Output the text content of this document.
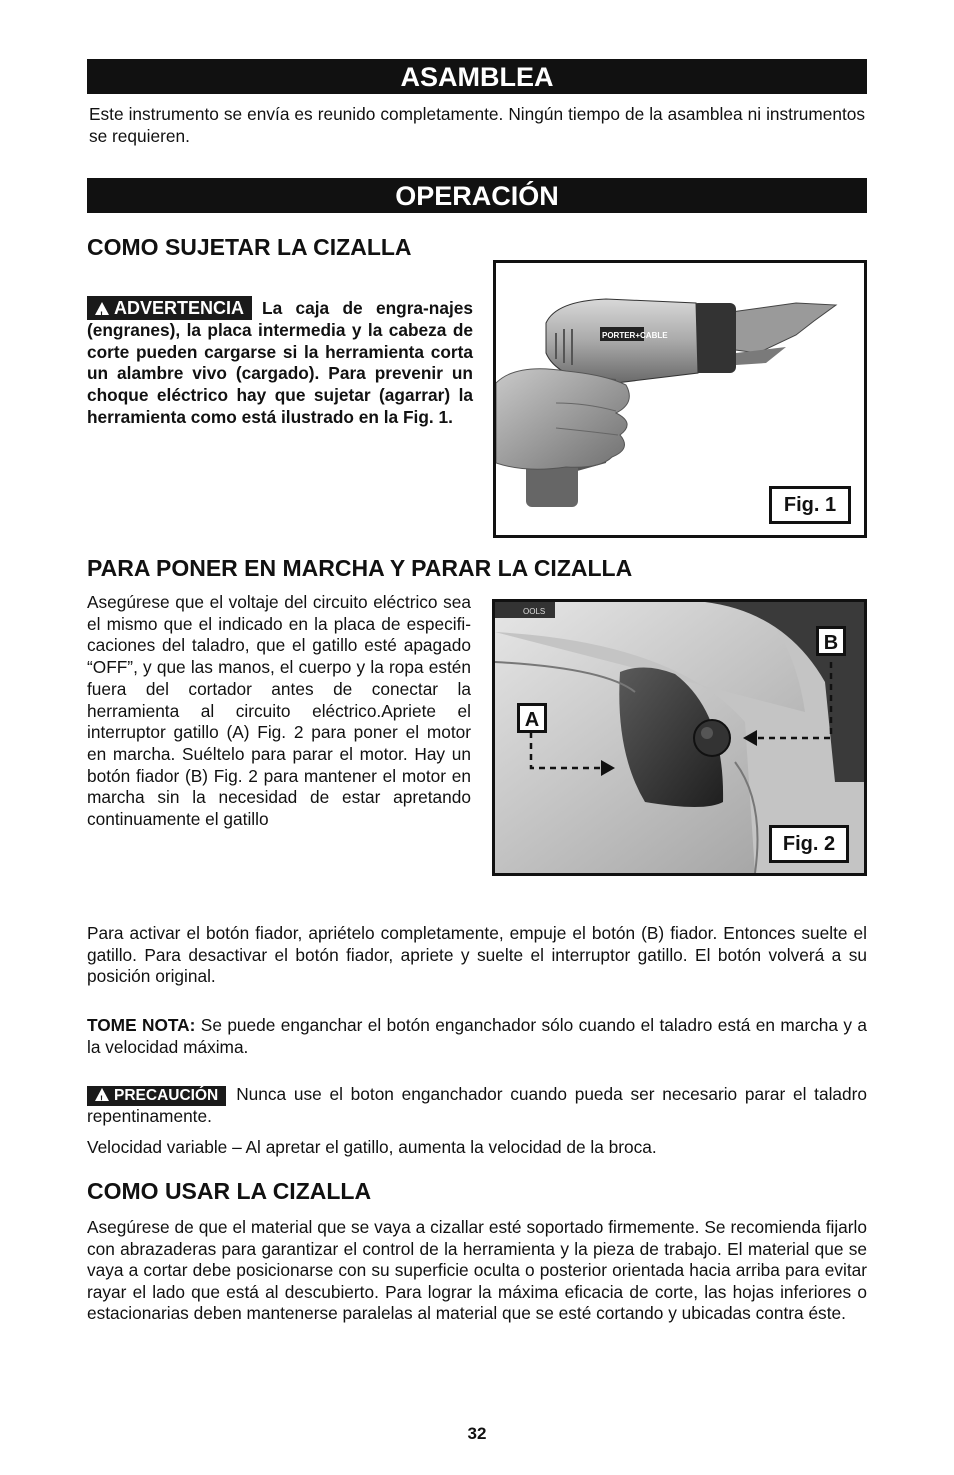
ASAMBLEA

Este instrumento se envía es reunido completamente. Ningún tiempo de la asamblea ni instrumentos se requieren.

OPERACIÓN
COMO SUJETAR LA CIZALLA
!ADVERTENCIA La caja de engra-najes (engranes), la placa intermedia y la cabeza de corte pueden cargarse si la herramienta corta un alambre vivo (cargado). Para prevenir un choque eléctrico hay que sujetar (agarrar) la herramienta como está ilustrado en la Fig. 1.
PORTER+CABLE
Fig. 1
PARA PONER EN MARCHA Y PARAR LA CIZALLA

Asegúrese que el voltaje del circuito eléctrico sea el mismo que el indicado en la placa de especifi-caciones del taladro, que el gatillo esté apagado “OFF”, y que las manos, el cuerpo y la ropa estén fuera del cortador antes de conectar la herramienta al circuito eléctrico.Apriete el interruptor gatillo (A) Fig. 2 para poner el motor en marcha. Suéltelo para parar el motor. Hay un botón fiador (B) Fig. 2 para mantener el motor en marcha sin la necesidad de estar apretando continuamente el gatillo

OOLS
A
B
Fig. 2

Para activar el botón fiador, apriételo completamente, empuje el botón (B) fiador. Entonces suelte el gatillo. Para desactivar el botón fiador, apriete y suelte el interruptor gatillo. El botón volverá a su posición original.

TOME NOTA: Se puede enganchar el botón enganchador sólo cuando el taladro está en marcha y a la velocidad máxima.

!PRECAUCIÓN Nunca use el boton enganchador cuando pueda ser necesario parar el taladro repentinamente.

Velocidad variable – Al apretar el gatillo, aumenta la velocidad de la broca.

COMO USAR LA CIZALLA

Asegúrese de que el material que se vaya a cizallar esté soportado firmemente. Se recomienda fijarlo con abrazaderas para garantizar el control de la herramienta y la pieza de trabajo. El material que se vaya a cortar debe posicionarse con su superficie oculta o posterior orientada hacia arriba para evitar rayar el lado que está al descubierto. Para lograr la máxima eficacia de corte, las hojas inferiores o estacionarias deben mantenerse paralelas al material que se esté cortando y ubicadas contra éste.

32
